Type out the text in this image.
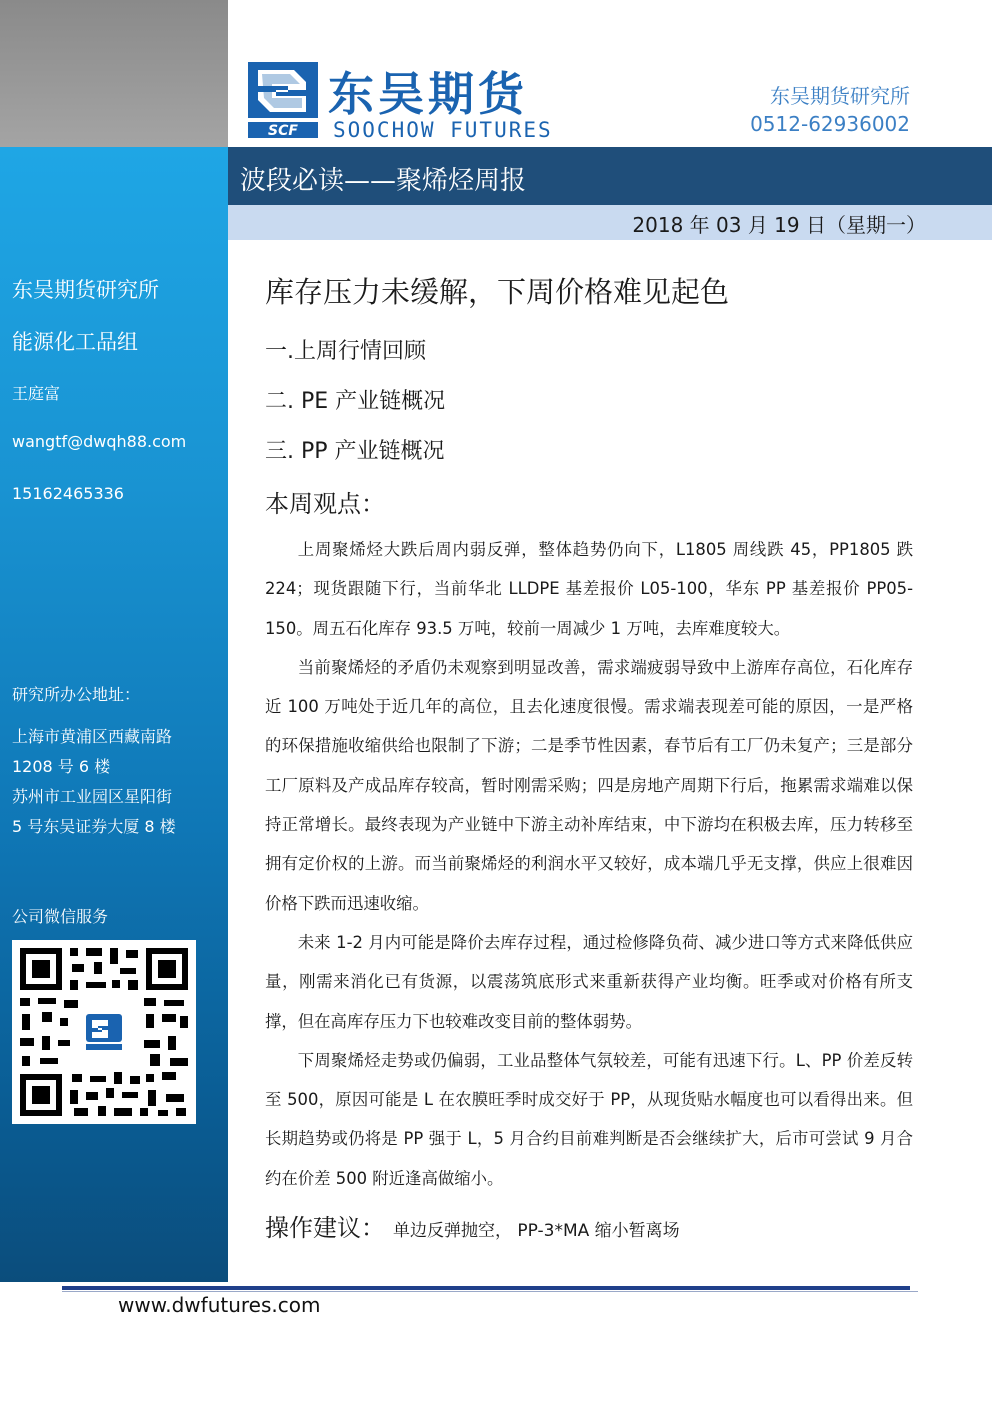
东吴期货研究所
能源化工品组
王庭富
wangtf@dwqh88.com
15162465336
研究所办公地址：
上海市黄浦区西藏南路
1208 号 6 楼
苏州市工业园区星阳街
5 号东吴证券大厦 8 楼
公司微信服务
SCF
东吴期货
SOOCHOW FUTURES
东吴期货研究所
0512-62936002
波段必读——聚烯烃周报
2018 年 03 月 19 日（星期一）
库存压力未缓解，下周价格难见起色
一.上周行情回顾
二. PE 产业链概况
三. PP 产业链概况
本周观点：

上周聚烯烃大跌后周内弱反弹，整体趋势仍向下，L1805 周线跌 45，PP1805 跌 224；现货跟随下行，当前华北 LLDPE 基差报价 L05-100，华东 PP 基差报价 PP05-150。周五石化库存 93.5 万吨，较前一周减少 1 万吨，去库难度较大。

当前聚烯烃的矛盾仍未观察到明显改善，需求端疲弱导致中上游库存高位，石化库存近 100 万吨处于近几年的高位，且去化速度很慢。需求端表现差可能的原因，一是严格的环保措施收缩供给也限制了下游；二是季节性因素，春节后有工厂仍未复产；三是部分工厂原料及产成品库存较高，暂时刚需采购；四是房地产周期下行后，拖累需求端难以保持正常增长。最终表现为产业链中下游主动补库结束，中下游均在积极去库，压力转移至拥有定价权的上游。而当前聚烯烃的利润水平又较好，成本端几乎无支撑，供应上很难因价格下跌而迅速收缩。

未来 1-2 月内可能是降价去库存过程，通过检修降负荷、减少进口等方式来降低供应量，刚需来消化已有货源，以震荡筑底形式来重新获得产业均衡。旺季或对价格有所支撑，但在高库存压力下也较难改变目前的整体弱势。

下周聚烯烃走势或仍偏弱，工业品整体气氛较差，可能有迅速下行。L、PP 价差反转至 500，原因可能是 L 在农膜旺季时成交好于 PP，从现货贴水幅度也可以看得出来。但长期趋势或仍将是 PP 强于 L，5 月合约目前难判断是否会继续扩大，后市可尝试 9 月合约在价差 500 附近逢高做缩小。

操作建议： 单边反弹抛空， PP-3*MA 缩小暂离场
www.dwfutures.com
